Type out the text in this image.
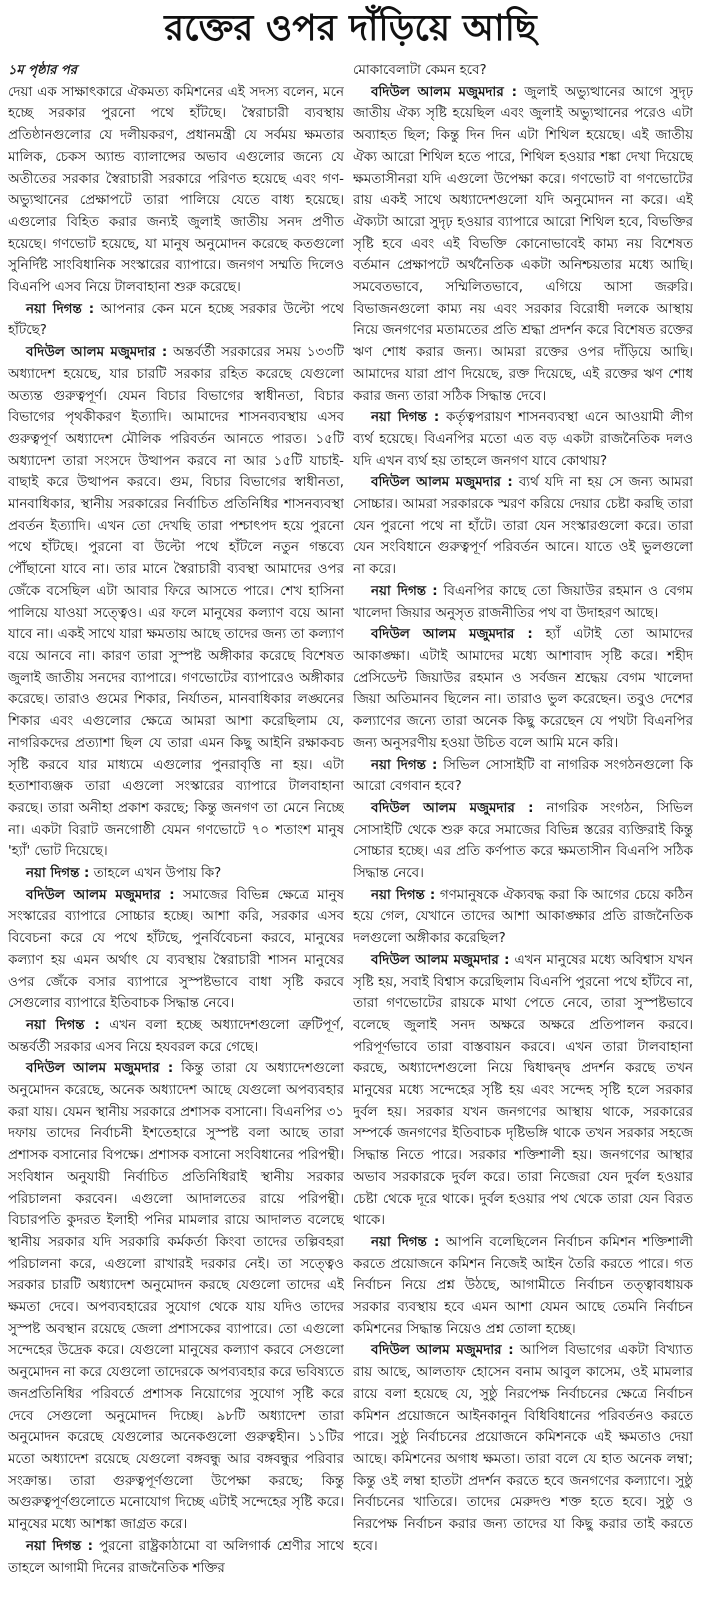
রক্তের ওপর দাঁড়িয়ে আছি

১ম পৃষ্ঠার পর

দেয়া এক সাক্ষাৎকারে ঐকমত্য কমিশনের এই সদস্য বলেন, মনে হচ্ছে সরকার পুরনো পথে হাঁটছে। স্বৈরাচারী ব্যবস্থায় প্রতিষ্ঠানগুলোর যে দলীয়করণ, প্রধানমন্ত্রী যে সর্বময় ক্ষমতার মালিক, চেকস অ্যান্ড ব্যালান্সের অভাব এগুলোর জন্যে যে অতীতের সরকার স্বৈরাচারী সরকারে পরিণত হয়েছে এবং গণ-অভ্যুত্থানের প্রেক্ষাপটে তারা পালিয়ে যেতে বাধ্য হয়েছে। এগুলোর বিহিত করার জন্যই জুলাই জাতীয় সনদ প্রণীত হয়েছে। গণভোট হয়েছে, যা মানুষ অনুমোদন করেছে কতগুলো সুনির্দিষ্ট সাংবিধানিক সংস্কারের ব্যাপারে। জনগণ সম্মতি দিলেও বিএনপি এসব নিয়ে টালবাহানা শুরু করেছে।

নয়া দিগন্ত : আপনার কেন মনে হচ্ছে সরকার উল্টো পথে হাঁটছে?

বদিউল আলম মজুমদার : অন্তর্বর্তী সরকারের সময় ১৩৩টি অধ্যাদেশ হয়েছে, যার চারটি সরকার রহিত করেছে যেগুলো অত্যন্ত গুরুত্বপূর্ণ। যেমন বিচার বিভাগের স্বাধীনতা, বিচার বিভাগের পৃথকীকরণ ইত্যাদি। আমাদের শাসনব্যবস্থায় এসব গুরুত্বপূর্ণ অধ্যাদেশ মৌলিক পরিবর্তন আনতে পারত। ১৫টি অধ্যাদেশ তারা সংসদে উত্থাপন করবে না আর ১৫টি যাচাই-বাছাই করে উত্থাপন করবে। গুম, বিচার বিভাগের স্বাধীনতা, মানবাধিকার, স্থানীয় সরকারের নির্বাচিত প্রতিনিধির শাসনব্যবস্থা প্রবর্তন ইত্যাদি। এখন তো দেখছি তারা পশ্চাৎপদ হয়ে পুরনো পথে হাঁটছে। পুরনো বা উল্টো পথে হাঁটলে নতুন গন্তব্যে পৌঁছানো যাবে না। তার মানে স্বৈরাচারী ব্যবস্থা আমাদের ওপর জেঁকে বসেছিল এটা আবার ফিরে আসতে পারে। শেখ হাসিনা পালিয়ে যাওয়া সত্ত্বেও। এর ফলে মানুষের কল্যাণ বয়ে আনা যাবে না। একই সাথে যারা ক্ষমতায় আছে তাদের জন্য তা কল্যাণ বয়ে আনবে না। কারণ তারা সুস্পষ্ট অঙ্গীকার করেছে বিশেষত জুলাই জাতীয় সনদের ব্যাপারে। গণভোটের ব্যাপারেও অঙ্গীকার করেছে। তারাও গুমের শিকার, নির্যাতন, মানবাধিকার লঙ্ঘনের শিকার এবং এগুলোর ক্ষেত্রে আমরা আশা করেছিলাম যে, নাগরিকদের প্রত্যাশা ছিল যে তারা এমন কিছু আইনি রক্ষাকবচ সৃষ্টি করবে যার মাধ্যমে এগুলোর পুনরাবৃত্তি না হয়। এটা হতাশাব্যঞ্জক তারা এগুলো সংস্কারের ব্যাপারে টালবাহানা করছে। তারা অনীহা প্রকাশ করছে; কিন্তু জনগণ তা মেনে নিচ্ছে না। একটা বিরাট জনগোষ্ঠী যেমন গণভোটে ৭০ শতাংশ মানুষ 'হ্যাঁ' ভোট দিয়েছে।

নয়া দিগন্ত : তাহলে এখন উপায় কি?

বদিউল আলম মজুমদার : সমাজের বিভিন্ন ক্ষেত্রে মানুষ সংস্কারের ব্যাপারে সোচ্চার হচ্ছে। আশা করি, সরকার এসব বিবেচনা করে যে পথে হাঁটছে, পুনর্বিবেচনা করবে, মানুষের কল্যাণ হয় এমন অর্থাৎ যে ব্যবস্থায় স্বৈরাচারী শাসন মানুষের ওপর জেঁকে বসার ব্যাপারে সুস্পষ্টভাবে বাধা সৃষ্টি করবে সেগুলোর ব্যাপারে ইতিবাচক সিদ্ধান্ত নেবে।

নয়া দিগন্ত : এখন বলা হচ্ছে অধ্যাদেশগুলো ত্রুটিপূর্ণ, অন্তর্বর্তী সরকার এসব নিয়ে হযবরল করে গেছে।

বদিউল আলম মজুমদার : কিন্তু তারা যে অধ্যাদেশগুলো অনুমোদন করেছে, অনেক অধ্যাদেশ আছে যেগুলো অপব্যবহার করা যায়। যেমন স্থানীয় সরকারে প্রশাসক বসানো। বিএনপির ৩১ দফায় তাদের নির্বাচনী ইশতেহারে সুস্পষ্ট বলা আছে তারা প্রশাসক বসানোর বিপক্ষে। প্রশাসক বসানো সংবিধানের পরিপন্থী। সংবিধান অনুযায়ী নির্বাচিত প্রতিনিধিরাই স্থানীয় সরকার পরিচালনা করবেন। এগুলো আদালতের রায়ে পরিপন্থী। বিচারপতি কুদরত ইলাহী পনির মামলার রায়ে আদালত বলেছে স্থানীয় সরকার যদি সরকারি কর্মকর্তা কিংবা তাদের তল্পিবহরা পরিচালনা করে, এগুলো রাখারই দরকার নেই। তা সত্ত্বেও সরকার চারটি অধ্যাদেশ অনুমোদন করছে যেগুলো তাদের এই ক্ষমতা দেবে। অপব্যবহারের সুযোগ থেকে যায় যদিও তাদের সুস্পষ্ট অবস্থান রয়েছে জেলা প্রশাসকের ব্যাপারে। তো এগুলো সন্দেহের উদ্রেক করে। যেগুলো মানুষের কল্যাণ করবে সেগুলো অনুমোদন না করে যেগুলো তাদেরকে অপব্যবহার করে ভবিষ্যতে জনপ্রতিনিধির পরিবর্তে প্রশাসক নিয়োগের সুযোগ সৃষ্টি করে দেবে সেগুলো অনুমোদন দিচ্ছে। ৯৮টি অধ্যাদেশ তারা অনুমোদন করেছে যেগুলোর অনেকগুলো গুরুত্বহীন। ১১টির মতো অধ্যাদেশ রয়েছে যেগুলো বঙ্গবন্ধু আর বঙ্গবন্ধুর পরিবার সংক্রান্ত। তারা গুরুত্বপূর্ণগুলো উপেক্ষা করছে; কিন্তু অগুরুত্বপূর্ণগুলোতে মনোযোগ দিচ্ছে এটাই সন্দেহের সৃষ্টি করে। মানুষের মধ্যে আশঙ্কা জাগ্রত করে।

নয়া দিগন্ত : পুরনো রাষ্ট্রকাঠামো বা অলিগার্ক শ্রেণীর সাথে তাহলে আগামী দিনের রাজনৈতিক শক্তির

মোকাবেলাটা কেমন হবে?

বদিউল আলম মজুমদার : জুলাই অভ্যুত্থানের আগে সুদৃঢ় জাতীয় ঐক্য সৃষ্টি হয়েছিল এবং জুলাই অভ্যুত্থানের পরেও এটা অব্যাহত ছিল; কিন্তু দিন দিন এটা শিথিল হয়েছে। এই জাতীয় ঐক্য আরো শিথিল হতে পারে, শিথিল হওয়ার শঙ্কা দেখা দিয়েছে ক্ষমতাসীনরা যদি এগুলো উপেক্ষা করে। গণভোট বা গণভোটের রায় একই সাথে অধ্যাদেশগুলো যদি অনুমোদন না করে। এই ঐক্যটা আরো সুদৃঢ় হওয়ার ব্যাপারে আরো শিথিল হবে, বিভক্তির সৃষ্টি হবে এবং এই বিভক্তি কোনোভাবেই কাম্য নয় বিশেষত বর্তমান প্রেক্ষাপটে অর্থনৈতিক একটা অনিশ্চয়তার মধ্যে আছি। সমবেতভাবে, সম্মিলিতভাবে, এগিয়ে আসা জরুরি। বিভাজনগুলো কাম্য নয় এবং সরকার বিরোধী দলকে আস্থায় নিয়ে জনগণের মতামতের প্রতি শ্রদ্ধা প্রদর্শন করে বিশেষত রক্তের ঋণ শোধ করার জন্য। আমরা রক্তের ওপর দাঁড়িয়ে আছি। আমাদের যারা প্রাণ দিয়েছে, রক্ত দিয়েছে, এই রক্তের ঋণ শোধ করার জন্য তারা সঠিক সিদ্ধান্ত দেবে।

নয়া দিগন্ত : কর্তৃত্বপরায়ণ শাসনব্যবস্থা এনে আওয়ামী লীগ ব্যর্থ হয়েছে। বিএনপির মতো এত বড় একটা রাজনৈতিক দলও যদি এখন ব্যর্থ হয় তাহলে জনগণ যাবে কোথায়?

বদিউল আলম মজুমদার : ব্যর্থ যদি না হয় সে জন্য আমরা সোচ্চার। আমরা সরকারকে স্মরণ করিয়ে দেয়ার চেষ্টা করছি তারা যেন পুরনো পথে না হাঁটে। তারা যেন সংস্কারগুলো করে। তারা যেন সংবিধানে গুরুত্বপূর্ণ পরিবর্তন আনে। যাতে ওই ভুলগুলো না করে।

নয়া দিগন্ত : বিএনপির কাছে তো জিয়াউর রহমান ও বেগম খালেদা জিয়ার অনুসৃত রাজনীতির পথ বা উদাহরণ আছে।

বদিউল আলম মজুমদার : হ্যাঁ এটাই তো আমাদের আকাঙ্ক্ষা। এটাই আমাদের মধ্যে আশাবাদ সৃষ্টি করে। শহীদ প্রেসিডেন্ট জিয়াউর রহমান ও সর্বজন শ্রদ্ধেয় বেগম খালেদা জিয়া অতিমানব ছিলেন না। তারাও ভুল করেছেন। তবুও দেশের কল্যাণের জন্যে তারা অনেক কিছু করেছেন যে পথটা বিএনপির জন্য অনুসরণীয় হওয়া উচিত বলে আমি মনে করি।

নয়া দিগন্ত : সিভিল সোসাইটি বা নাগরিক সংগঠনগুলো কি আরো বেগবান হবে?

বদিউল আলম মজুমদার : নাগরিক সংগঠন, সিভিল সোসাইটি থেকে শুরু করে সমাজের বিভিন্ন স্তরের ব্যক্তিরাই কিন্তু সোচ্চার হচ্ছে। এর প্রতি কর্ণপাত করে ক্ষমতাসীন বিএনপি সঠিক সিদ্ধান্ত নেবে।

নয়া দিগন্ত : গণমানুষকে ঐক্যবদ্ধ করা কি আগের চেয়ে কঠিন হয়ে গেল, যেখানে তাদের আশা আকাঙ্ক্ষার প্রতি রাজনৈতিক দলগুলো অঙ্গীকার করেছিল?

বদিউল আলম মজুমদার : এখন মানুষের মধ্যে অবিশ্বাস যখন সৃষ্টি হয়, সবাই বিশ্বাস করেছিলাম বিএনপি পুরনো পথে হাঁটবে না, তারা গণভোটের রায়কে মাথা পেতে নেবে, তারা সুস্পষ্টভাবে বলেছে জুলাই সনদ অক্ষরে অক্ষরে প্রতিপালন করবে। পরিপূর্ণভাবে তারা বাস্তবায়ন করবে। এখন তারা টালবাহানা করছে, অধ্যাদেশগুলো নিয়ে দ্বিধাদ্বন্দ্ব প্রদর্শন করছে তখন মানুষের মধ্যে সন্দেহের সৃষ্টি হয় এবং সন্দেহ সৃষ্টি হলে সরকার দুর্বল হয়। সরকার যখন জনগণের আস্থায় থাকে, সরকারের সম্পর্কে জনগণের ইতিবাচক দৃষ্টিভঙ্গি থাকে তখন সরকার সহজে সিদ্ধান্ত নিতে পারে। সরকার শক্তিশালী হয়। জনগণের আস্থার অভাব সরকারকে দুর্বল করে। তারা নিজেরা যেন দুর্বল হওয়ার চেষ্টা থেকে দূরে থাকে। দুর্বল হওয়ার পথ থেকে তারা যেন বিরত থাকে।

নয়া দিগন্ত : আপনি বলেছিলেন নির্বাচন কমিশন শক্তিশালী করতে প্রয়োজনে কমিশন নিজেই আইন তৈরি করতে পারে। গত নির্বাচন নিয়ে প্রশ্ন উঠছে, আগামীতে নির্বাচন তত্ত্বাবধায়ক সরকার ব্যবস্থায় হবে এমন আশা যেমন আছে তেমনি নির্বাচন কমিশনের সিদ্ধান্ত নিয়েও প্রশ্ন তোলা হচ্ছে।

বদিউল আলম মজুমদার : আপিল বিভাগের একটা বিখ্যাত রায় আছে, আলতাফ হোসেন বনাম আবুল কাসেম, ওই মামলার রায়ে বলা হয়েছে যে, সুষ্ঠু নিরপেক্ষ নির্বাচনের ক্ষেত্রে নির্বাচন কমিশন প্রয়োজনে আইনকানুন বিধিবিধানের পরিবর্তনও করতে পারে। সুষ্ঠু নির্বাচনের প্রয়োজনে কমিশনকে এই ক্ষমতাও দেয়া আছে। কমিশনের অগাধ ক্ষমতা। তারা বলে যে হাত অনেক লম্বা; কিন্তু ওই লম্বা হাতটা প্রদর্শন করতে হবে জনগণের কল্যাণে। সুষ্ঠু নির্বাচনের খাতিরে। তাদের মেরুদণ্ড শক্ত হতে হবে। সুষ্ঠু ও নিরপেক্ষ নির্বাচন করার জন্য তাদের যা কিছু করার তাই করতে হবে।
